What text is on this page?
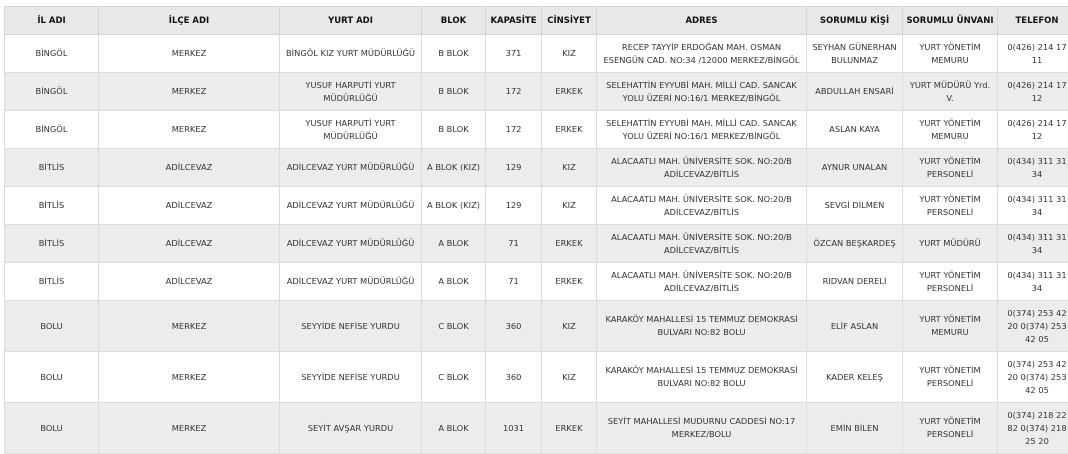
İL ADI	İLÇE ADI	YURT ADI	BLOK	KAPASİTE	CİNSİYET	ADRES	SORUMLU KİŞİ	SORUMLU ÜNVANI	TELEFON
BİNGÖL	MERKEZ	BİNGÖL KIZ YURT MÜDÜRLÜĞÜ	B BLOK	371	KIZ	RECEP TAYYİP ERDOĞAN MAH. OSMAN ESENGÜN CAD. NO:34 /12000 MERKEZ/BİNGÖL	SEYHAN GÜNERHAN BULUNMAZ	YURT YÖNETİM MEMURU	0(426) 214 17 11
BİNGÖL	MERKEZ	YUSUF HARPUTİ YURT MÜDÜRLÜĞÜ	B BLOK	172	ERKEK	SELEHATTİN EYYUBİ MAH. MİLLİ CAD. SANCAK YOLU ÜZERİ NO:16/1 MERKEZ/BİNGÖL	ABDULLAH ENSARİ	YURT MÜDÜRÜ Yrd. V.	0(426) 214 17 12
BİNGÖL	MERKEZ	YUSUF HARPUTİ YURT MÜDÜRLÜĞÜ	B BLOK	172	ERKEK	SELEHATTİN EYYUBİ MAH. MİLLİ CAD. SANCAK YOLU ÜZERİ NO:16/1 MERKEZ/BİNGÖL	ASLAN KAYA	YURT YÖNETİM MEMURU	0(426) 214 17 12
BİTLİS	ADİLCEVAZ	ADİLCEVAZ YURT MÜDÜRLÜĞÜ	A BLOK (KIZ)	129	KIZ	ALACAATLI MAH. ÜNİVERSİTE SOK. NO:20/B ADİLCEVAZ/BİTLİS	AYNUR UNALAN	YURT YÖNETİM PERSONELİ	0(434) 311 31 34
BİTLİS	ADİLCEVAZ	ADİLCEVAZ YURT MÜDÜRLÜĞÜ	A BLOK (KIZ)	129	KIZ	ALACAATLI MAH. ÜNİVERSİTE SOK. NO:20/B ADİLCEVAZ/BİTLİS	SEVGİ DİLMEN	YURT YÖNETİM PERSONELİ	0(434) 311 31 34
BİTLİS	ADİLCEVAZ	ADİLCEVAZ YURT MÜDÜRLÜĞÜ	A BLOK	71	ERKEK	ALACAATLI MAH. ÜNİVERSİTE SOK. NO:20/B ADİLCEVAZ/BİTLİS	ÖZCAN BEŞKARDEŞ	YURT MÜDÜRÜ	0(434) 311 31 34
BİTLİS	ADİLCEVAZ	ADİLCEVAZ YURT MÜDÜRLÜĞÜ	A BLOK	71	ERKEK	ALACAATLI MAH. ÜNİVERSİTE SOK. NO:20/B ADİLCEVAZ/BİTLİS	RIDVAN DERELİ	YURT YÖNETİM PERSONELİ	0(434) 311 31 34
BOLU	MERKEZ	SEYYİDE NEFİSE YURDU	C BLOK	360	KIZ	KARAKÖY MAHALLESİ 15 TEMMUZ DEMOKRASİ BULVARI NO:82 BOLU	ELİF ASLAN	YURT YÖNETİM MEMURU	0(374) 253 42 20 0(374) 253 42 05
BOLU	MERKEZ	SEYYİDE NEFİSE YURDU	C BLOK	360	KIZ	KARAKÖY MAHALLESİ 15 TEMMUZ DEMOKRASİ BULVARI NO:82 BOLU	KADER KELEŞ	YURT YÖNETİM PERSONELİ	0(374) 253 42 20 0(374) 253 42 05
BOLU	MERKEZ	SEYİT AVŞAR YURDU	A BLOK	1031	ERKEK	SEYİT MAHALLESİ MUDURNU CADDESİ NO:17 MERKEZ/BOLU	EMİN BİLEN	YURT YÖNETİM PERSONELİ	0(374) 218 22 82 0(374) 218 25 20
